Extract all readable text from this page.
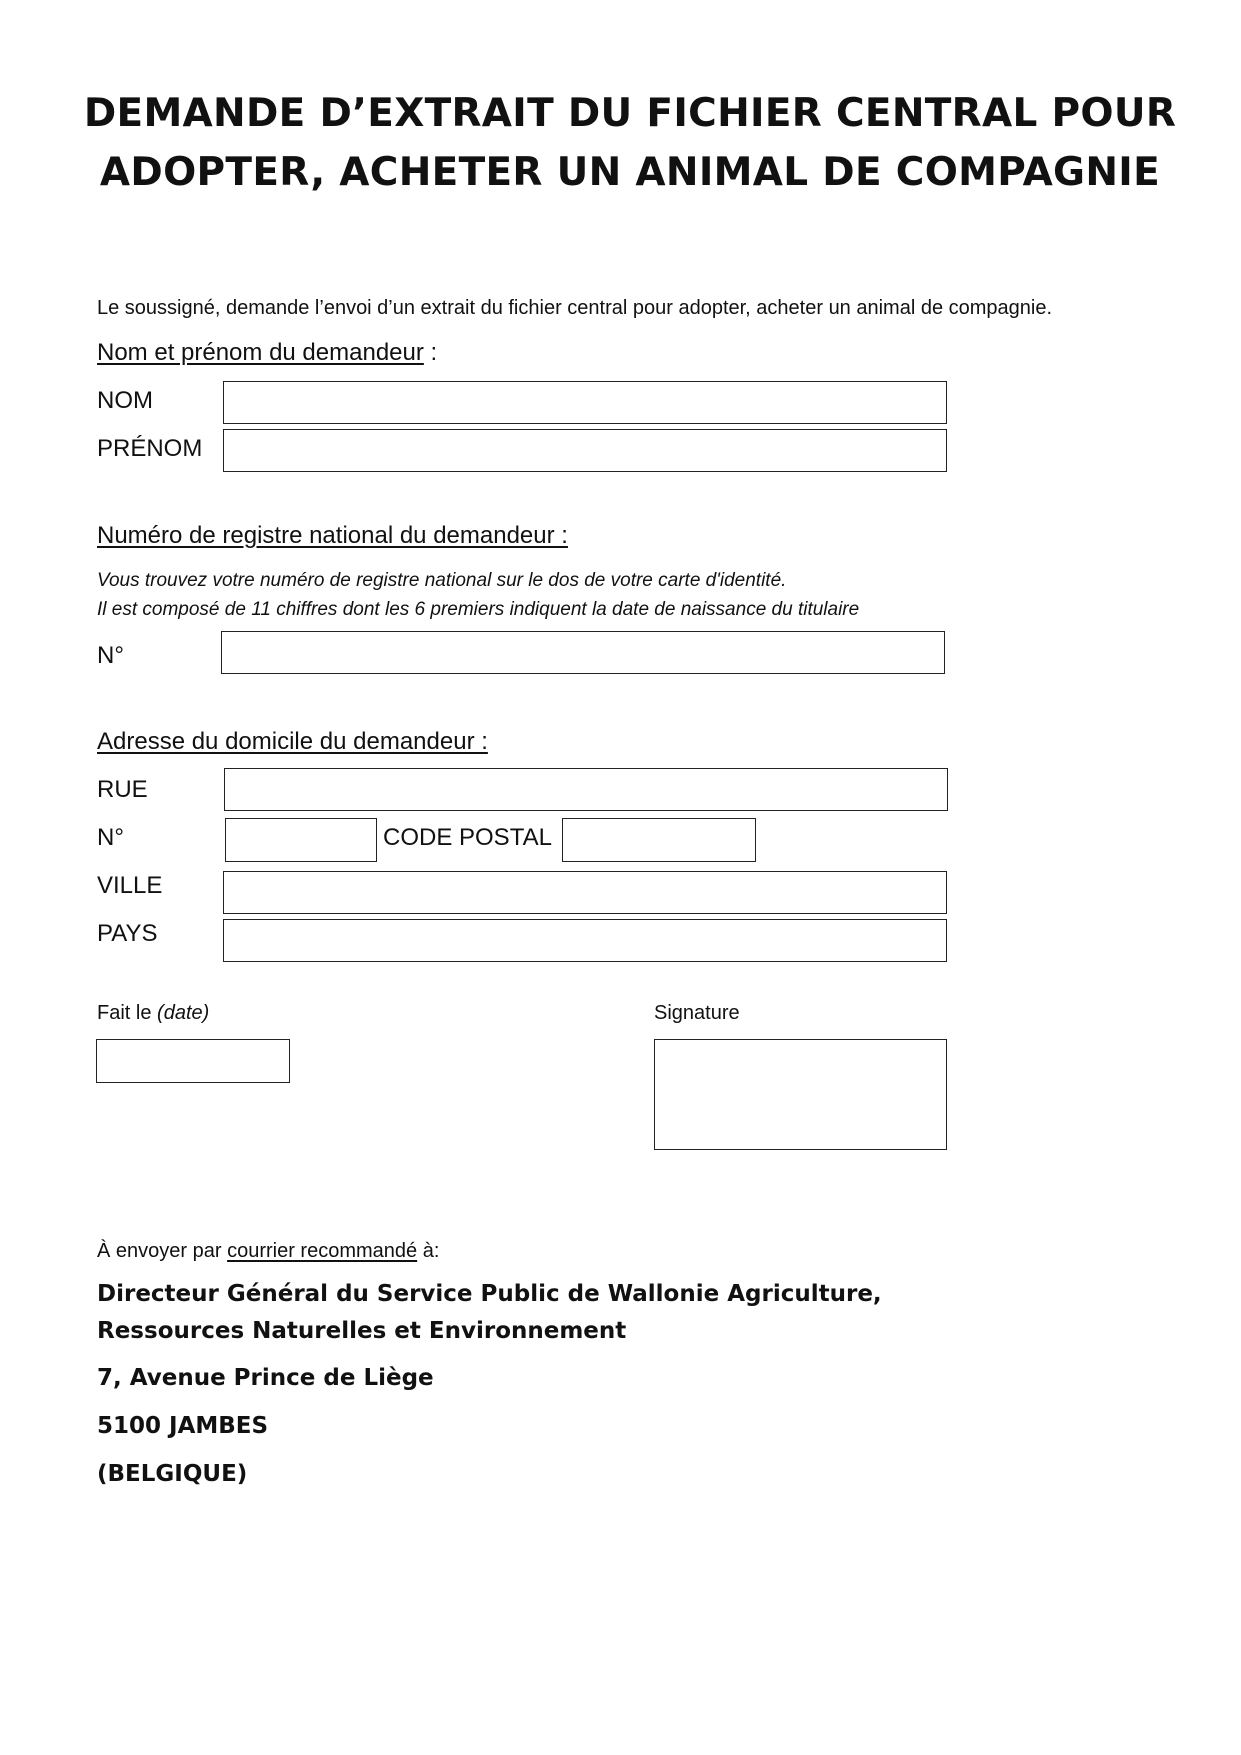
DEMANDE D’EXTRAIT DU FICHIER CENTRAL POUR
ADOPTER, ACHETER UN ANIMAL DE COMPAGNIE
Le soussigné, demande l’envoi d’un extrait du fichier central pour adopter, acheter un animal de compagnie.
Nom et prénom du demandeur :
NOM
PRÉNOM
Numéro de registre national du demandeur :
Vous trouvez votre numéro de registre national sur le dos de votre carte d'identité.
Il est composé de 11 chiffres dont les 6 premiers indiquent la date de naissance du titulaire
N°
Adresse du domicile du demandeur :
RUE
N°	CODE POSTAL
VILLE
PAYS
Fait le (date)	Signature
À envoyer par courrier recommandé à:
Directeur Général du Service Public de Wallonie Agriculture,
Ressources Naturelles et Environnement
7, Avenue Prince de Liège
5100 JAMBES
(BELGIQUE)
